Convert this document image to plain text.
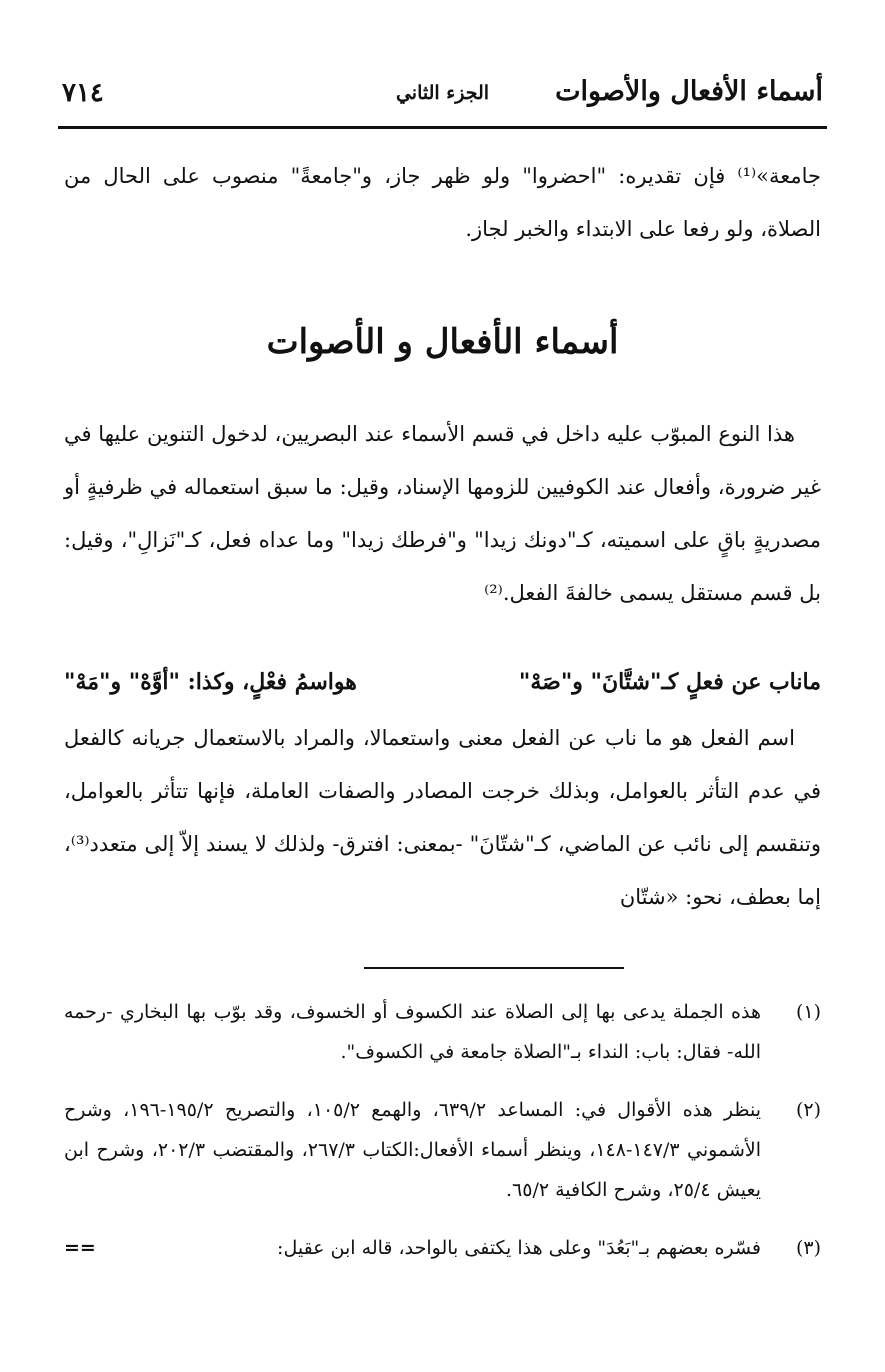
أسماء الأفعال والأصوات
الجزء الثاني
٧١٤

جامعة»⁽¹⁾ فإن تقديره: "احضروا" ولو ظهر جاز، و"جامعةً" منصوب على الحال من الصلاة، ولو رفعا على الابتداء والخبر لجاز.

أسماء الأفعال و الأصوات

هذا النوع المبوّب عليه داخل في قسم الأسماء عند البصريين، لدخول التنوين عليها في غير ضرورة، وأفعال عند الكوفيين للزومها الإسناد، وقيل: ما سبق استعماله في ظرفيةٍ أو مصدريةٍ باقٍ على اسميته، كـ"دونك زيدا" و"فرطك زيدا" وما عداه فعل، كـ"نَزالِ"، وقيل: بل قسم مستقل يسمى خالفةَ الفعل.⁽²⁾

ماناب عن فعلٍ كـ"شتَّانَ" و"صَهْ"
هواسمُ فعْلٍ، وكذا: "أوَّهْ" و"مَهْ"

اسم الفعل هو ما ناب عن الفعل معنى واستعمالا، والمراد بالاستعمال جريانه كالفعل في عدم التأثر بالعوامل، وبذلك خرجت المصادر والصفات العاملة، فإنها تتأثر بالعوامل، وتنقسم إلى نائب عن الماضي، كـ"شتّانَ" -بمعنى: افترق- ولذلك لا يسند إلاّ إلى متعدد⁽³⁾، إما بعطف، نحو: «شتّان

(١)
هذه الجملة يدعى بها إلى الصلاة عند الكسوف أو الخسوف، وقد بوّب بها البخاري -رحمه الله- فقال: باب: النداء بـ"الصلاة جامعة في الكسوف".
(٢)
ينظر هذه الأقوال في: المساعد ٦٣٩/٢، والهمع ١٠٥/٢، والتصريح ١٩٥/٢-١٩٦، وشرح الأشموني ١٤٧/٣-١٤٨، وينظر أسماء الأفعال:الكتاب ٢٦٧/٣، والمقتضب ٢٠٢/٣، وشرح ابن يعيش ٢٥/٤، وشرح الكافية ٦٥/٢.
(٣)
فسّره بعضهم بـ"بَعُدَ" وعلى هذا يكتفى بالواحد، قاله ابن عقيل:
==
